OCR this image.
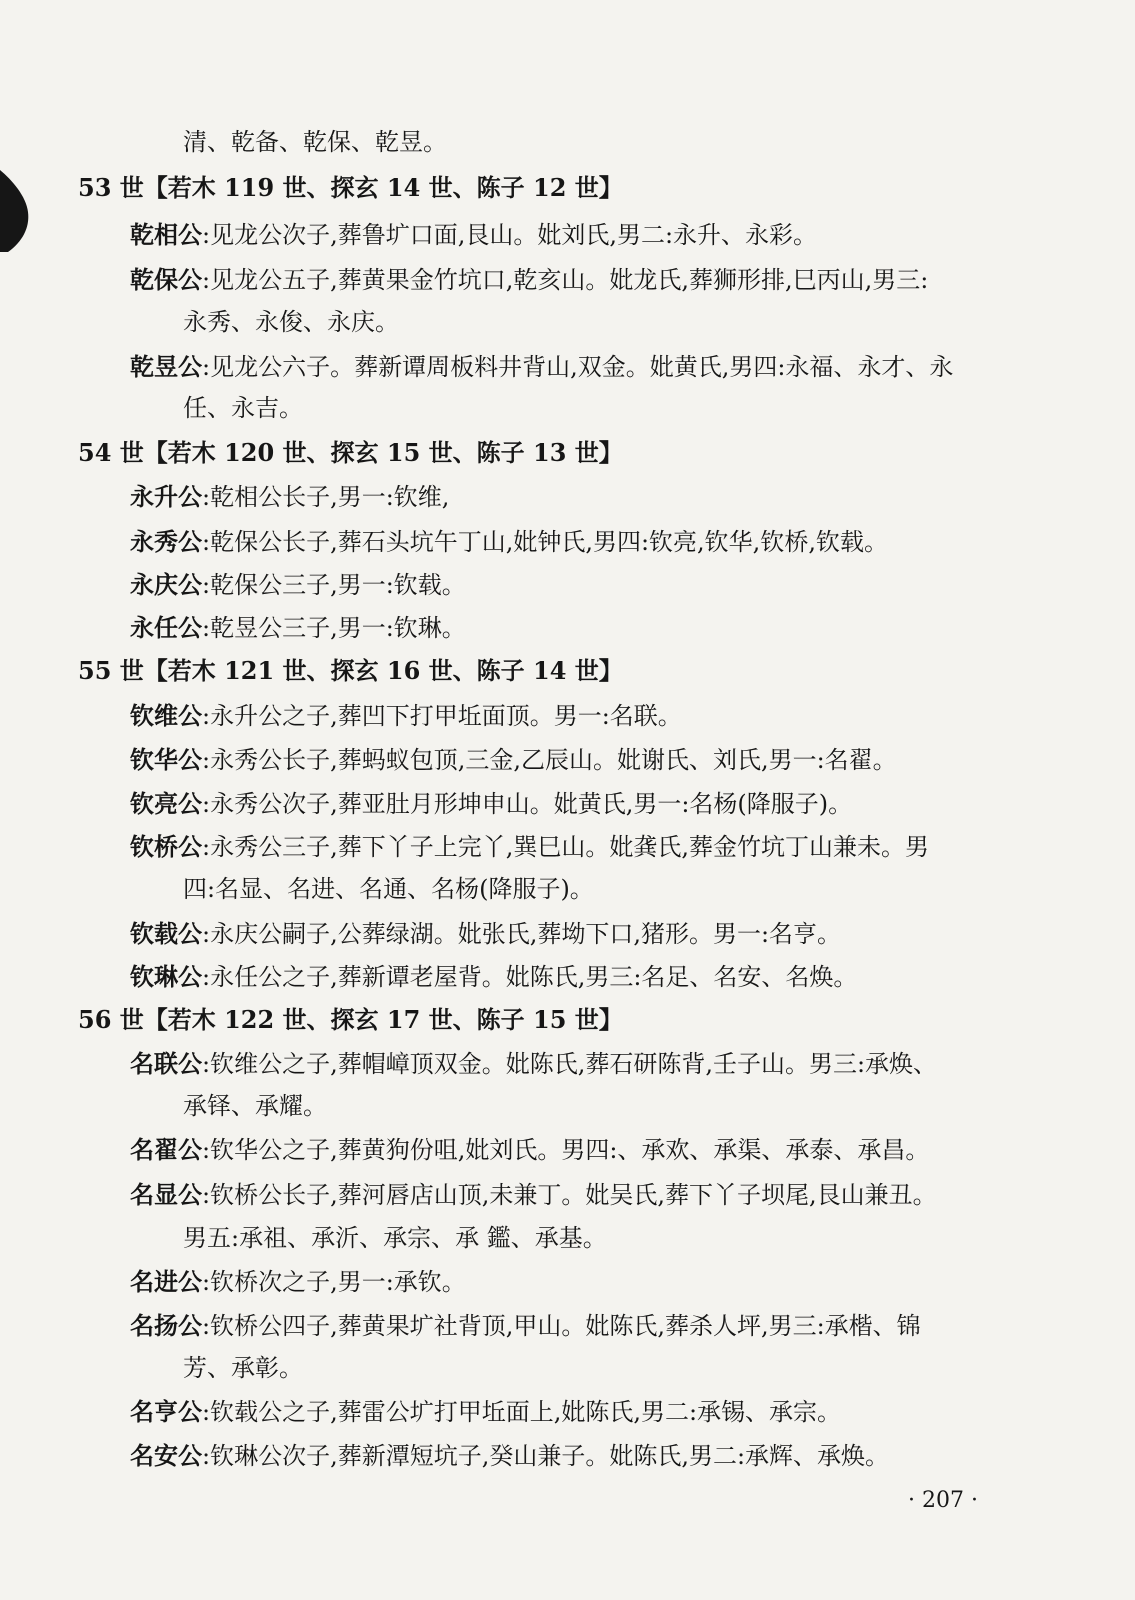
清、乾备、乾保、乾昱。
53 世【若木 119 世、探玄 14 世、陈子 12 世】
乾相公:见龙公次子,葬鲁圹口面,艮山。妣刘氏,男二:永升、永彩。
乾保公:见龙公五子,葬黄果金竹坑口,乾亥山。妣龙氏,葬狮形排,巳丙山,男三:
永秀、永俊、永庆。
乾昱公:见龙公六子。葬新谭周板料井背山,双金。妣黄氏,男四:永福、永才、永
任、永吉。
54 世【若木 120 世、探玄 15 世、陈子 13 世】
永升公:乾相公长子,男一:钦维,
永秀公:乾保公长子,葬石头坑午丁山,妣钟氏,男四:钦亮,钦华,钦桥,钦载。
永庆公:乾保公三子,男一:钦载。
永任公:乾昱公三子,男一:钦琳。
55 世【若木 121 世、探玄 16 世、陈子 14 世】
钦维公:永升公之子,葬凹下打甲坵面顶。男一:名联。
钦华公:永秀公长子,葬蚂蚁包顶,三金,乙辰山。妣谢氏、刘氏,男一:名翟。
钦亮公:永秀公次子,葬亚肚月形坤申山。妣黄氏,男一:名杨(降服子)。
钦桥公:永秀公三子,葬下丫子上完丫,巽巳山。妣龚氏,葬金竹坑丁山兼未。男
四:名显、名进、名通、名杨(降服子)。
钦载公:永庆公嗣子,公葬绿湖。妣张氏,葬坳下口,猪形。男一:名亨。
钦琳公:永任公之子,葬新谭老屋背。妣陈氏,男三:名足、名安、名焕。
56 世【若木 122 世、探玄 17 世、陈子 15 世】
名联公:钦维公之子,葬帽嶂顶双金。妣陈氏,葬石研陈背,壬子山。男三:承焕、
承铎、承耀。
名翟公:钦华公之子,葬黄狗份咀,妣刘氏。男四:、承欢、承渠、承泰、承昌。
名显公:钦桥公长子,葬河唇店山顶,未兼丁。妣吴氏,葬下丫子坝尾,艮山兼丑。
男五:承祖、承沂、承宗、承 鑑、承基。
名进公:钦桥次之子,男一:承钦。
名扬公:钦桥公四子,葬黄果圹社背顶,甲山。妣陈氏,葬杀人坪,男三:承楷、锦
芳、承彰。
名亨公:钦载公之子,葬雷公圹打甲坵面上,妣陈氏,男二:承锡、承宗。
名安公:钦琳公次子,葬新潭短坑子,癸山兼子。妣陈氏,男二:承辉、承焕。
· 207 ·
